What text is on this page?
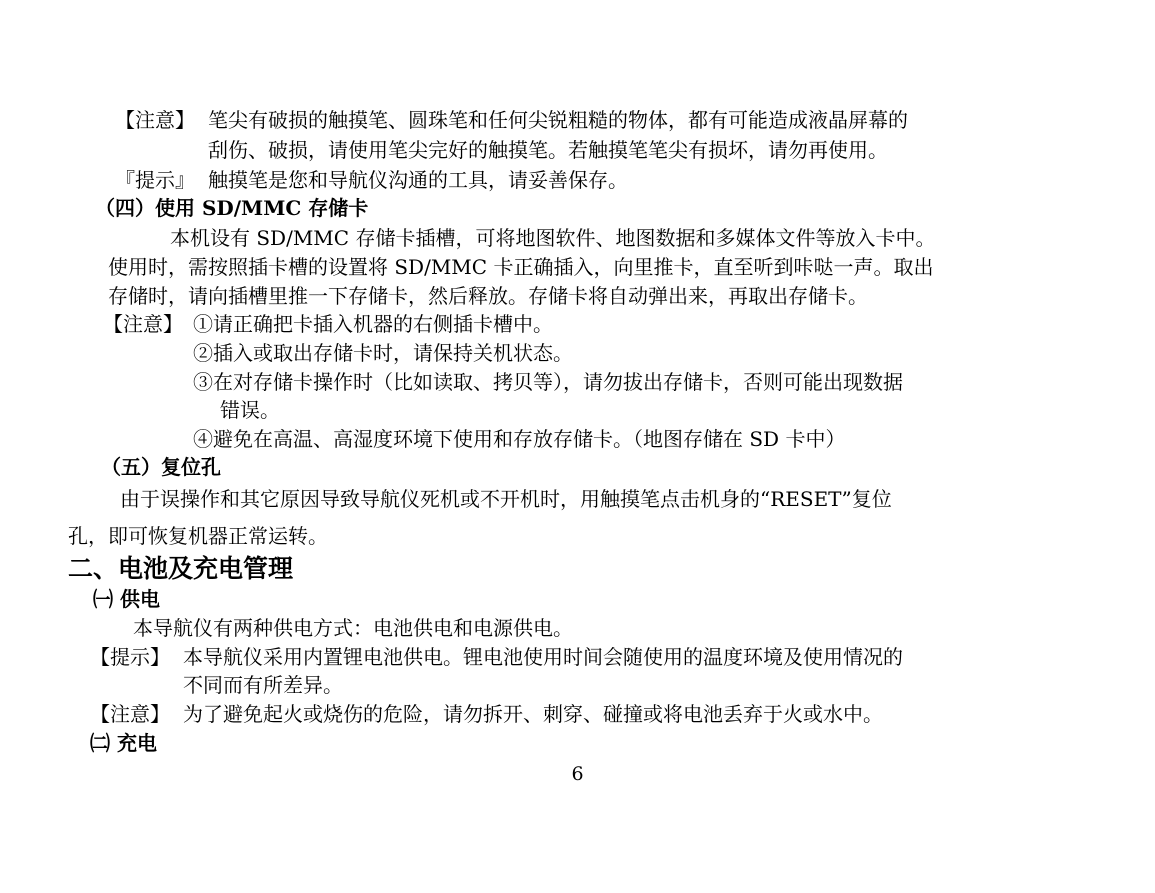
【注意】 笔尖有破损的触摸笔、圆珠笔和任何尖锐粗糙的物体，都有可能造成液晶屏幕的
刮伤、破损，请使用笔尖完好的触摸笔。若触摸笔笔尖有损坏，请勿再使用。
『提示』 触摸笔是您和导航仪沟通的工具，请妥善保存。
（四）使用 SD/MMC 存储卡
本机设有 SD/MMC 存储卡插槽，可将地图软件、地图数据和多媒体文件等放入卡中。
使用时，需按照插卡槽的设置将 SD/MMC 卡正确插入，向里推卡，直至听到咔哒一声。取出
存储时，请向插槽里推一下存储卡，然后释放。存储卡将自动弹出来，再取出存储卡。
【注意】 ①请正确把卡插入机器的右侧插卡槽中。
②插入或取出存储卡时，请保持关机状态。
③在对存储卡操作时（比如读取、拷贝等），请勿拔出存储卡，否则可能出现数据
错误。
④避免在高温、高湿度环境下使用和存放存储卡。（地图存储在 SD 卡中）
（五）复位孔
由于误操作和其它原因导致导航仪死机或不开机时，用触摸笔点击机身的“RESET”复位
孔，即可恢复机器正常运转。
二、电池及充电管理
㈠ 供电
本导航仪有两种供电方式：电池供电和电源供电。
【提示】 本导航仪采用内置锂电池供电。锂电池使用时间会随使用的温度环境及使用情况的
不同而有所差异。
【注意】 为了避免起火或烧伤的危险，请勿拆开、刺穿、碰撞或将电池丢弃于火或水中。
㈡ 充电
6
